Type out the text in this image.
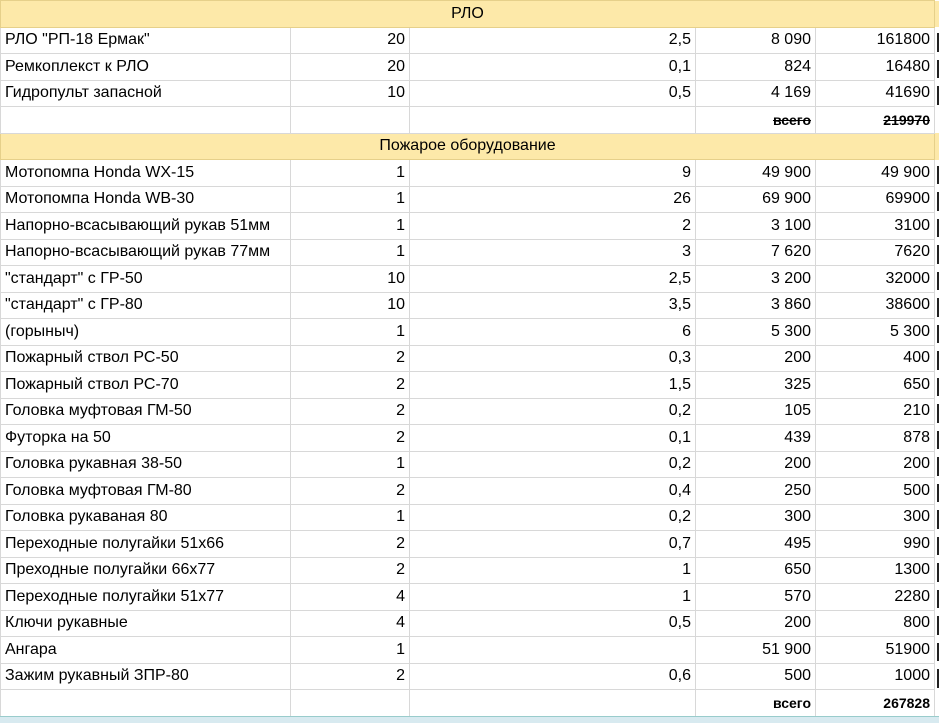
РЛО					
РЛО "РП-18 Ермак"	20	2,5	8 090	161800	
Ремкоплекст к РЛО	20	0,1	824	16480	
Гидропульт запасной	10	0,5	4 169	41690	
			всего	219970	
Пожарое оборудование					
Мотопомпа Honda WX-15	1	9	49 900	49 900	
Мотопомпа Honda WB-30	1	26	69 900	69900	
Напорно-всасывающий рукав 51мм	1	2	3 100	3100	
Напорно-всасывающий рукав 77мм	1	3	7 620	7620	
"стандарт" с ГР-50	10	2,5	3 200	32000	
"стандарт" с ГР-80	10	3,5	3 860	38600	
(горыныч)	1	6	5 300	5 300	
Пожарный ствол РС-50	2	0,3	200	400	
Пожарный ствол РС-70	2	1,5	325	650	
Головка муфтовая ГМ-50	2	0,2	105	210	
Футорка на 50	2	0,1	439	878	
Головка рукавная 38-50	1	0,2	200	200	
Головка муфтовая ГМ-80	2	0,4	250	500	
Головка рукаваная 80	1	0,2	300	300	
Переходные полугайки 51х66	2	0,7	495	990	
Преходные полугайки 66х77	2	1	650	1300	
Переходные полугайки 51х77	4	1	570	2280	
Ключи рукавные	4	0,5	200	800	
Ангара	1		51 900	51900	
Зажим рукавный ЗПР-80	2	0,6	500	1000	
			всего	267828	
